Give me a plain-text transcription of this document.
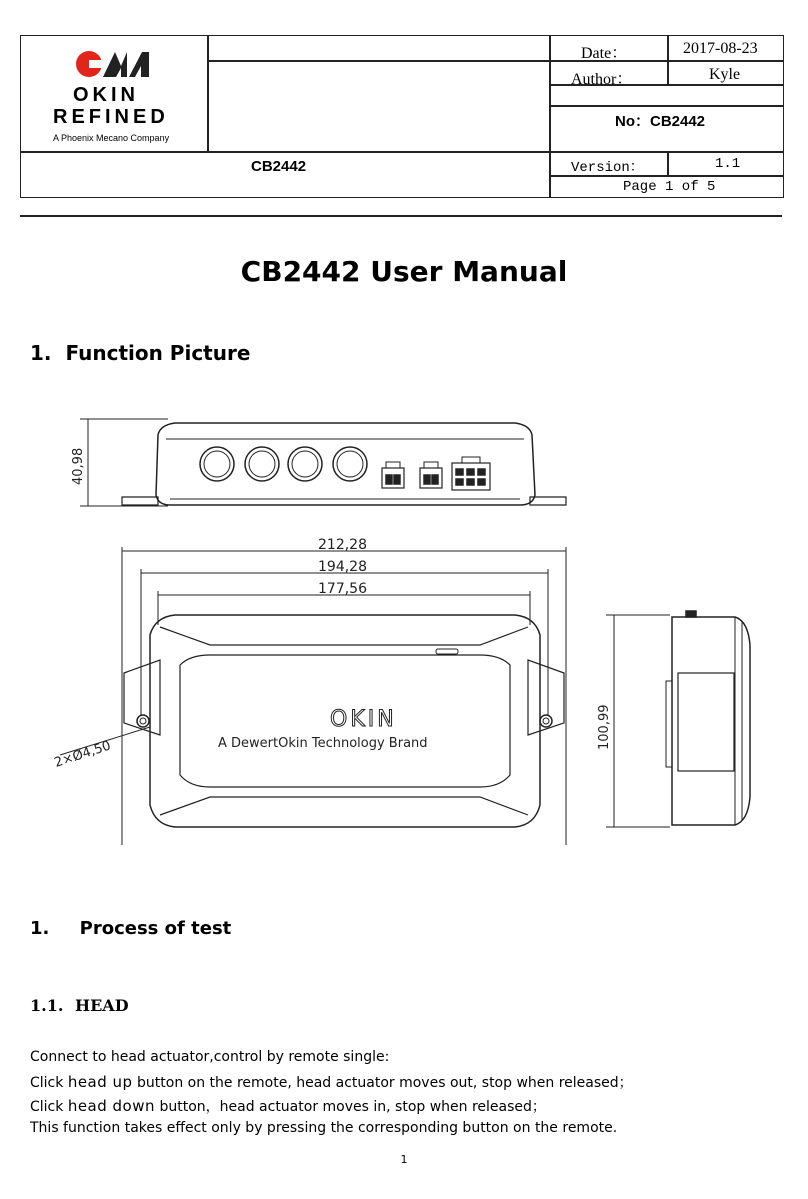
OKIN
REFINED
A Phoenix Mecano Company
Date：	2017-08-23
Author：	Kyle
No：CB2442
CB2442	Version：	1.1
Page 1 of 5
CB2442 User Manual
1. Function Picture
40,98
212,28
194,28
177,56
OKIN
A DewertOkin Technology Brand
2×Ø4,50
100,99
1. Process of test
1.1. HEAD
Connect to head actuator,control by remote single:
Click head up button on the remote, head actuator moves out, stop when released；
Click head down button，head actuator moves in, stop when released；
This function takes effect only by pressing the corresponding button on the remote.
1
